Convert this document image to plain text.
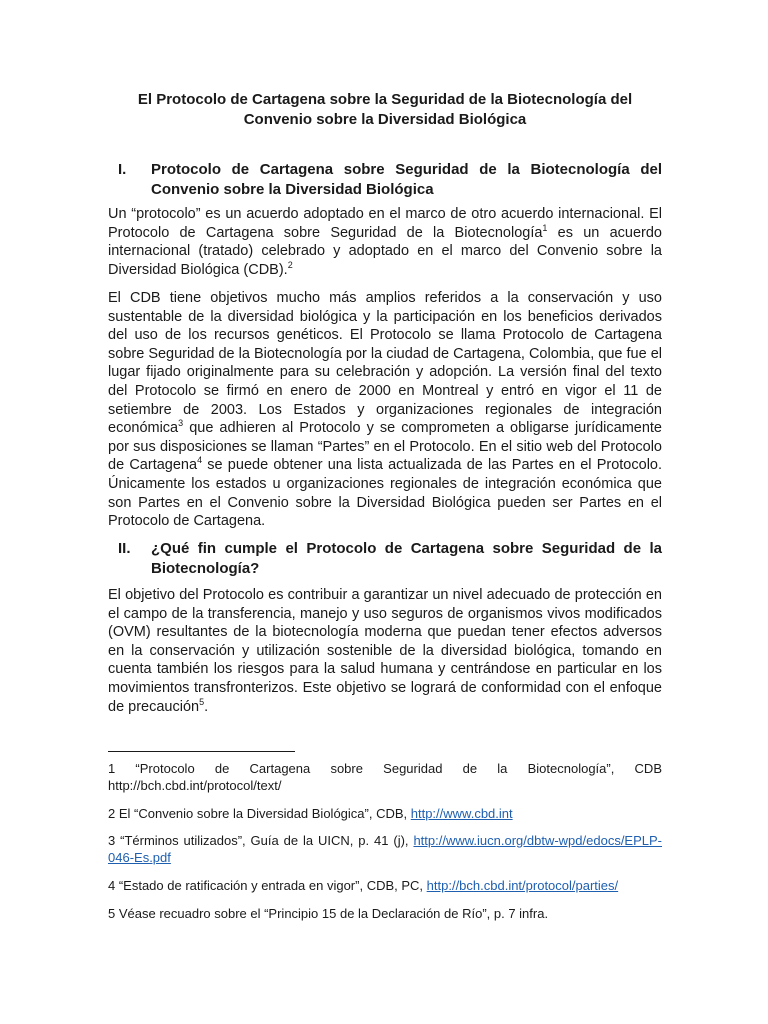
El Protocolo de Cartagena sobre la Seguridad de la Biotecnología del Convenio sobre la Diversidad Biológica
I. Protocolo de Cartagena sobre Seguridad de la Biotecnología del Convenio sobre la Diversidad Biológica

Un “protocolo” es un acuerdo adoptado en el marco de otro acuerdo internacional. El Protocolo de Cartagena sobre Seguridad de la Biotecnología$^1$ es un acuerdo internacional (tratado) celebrado y adoptado en el marco del Convenio sobre la Diversidad Biológica (CDB).$^2$

El CDB tiene objetivos mucho más amplios referidos a la conservación y uso sustentable de la diversidad biológica y la participación en los beneficios derivados del uso de los recursos genéticos. El Protocolo se llama Protocolo de Cartagena sobre Seguridad de la Biotecnología por la ciudad de Cartagena, Colombia, que fue el lugar fijado originalmente para su celebración y adopción. La versión final del texto del Protocolo se firmó en enero de 2000 en Montreal y entró en vigor el 11 de setiembre de 2003. Los Estados y organizaciones regionales de integración económica$^3$ que adhieren al Protocolo y se comprometen a obligarse jurídicamente por sus disposiciones se llaman “Partes” en el Protocolo. En el sitio web del Protocolo de Cartagena$^4$ se puede obtener una lista actualizada de las Partes en el Protocolo. Únicamente los estados u organizaciones regionales de integración económica que son Partes en el Convenio sobre la Diversidad Biológica pueden ser Partes en el Protocolo de Cartagena.

II. ¿Qué fin cumple el Protocolo de Cartagena sobre Seguridad de la Biotecnología?

El objetivo del Protocolo es contribuir a garantizar un nivel adecuado de protección en el campo de la transferencia, manejo y uso seguros de organismos vivos modificados (OVM) resultantes de la biotecnología moderna que puedan tener efectos adversos en la conservación y utilización sostenible de la diversidad biológica, tomando en cuenta también los riesgos para la salud humana y centrándose en particular en los movimientos transfronterizos. Este objetivo se logrará de conformidad con el enfoque de precaución$^5$.

1 “Protocolo de Cartagena sobre Seguridad de la Biotecnología”, CDB http://bch.cbd.int/protocol/text/

2 El “Convenio sobre la Diversidad Biológica”, CDB, http://www.cbd.int

3 “Términos utilizados”, Guía de la UICN, p. 41 (j), http://www.iucn.org/dbtw-wpd/edocs/EPLP-046-Es.pdf

4 “Estado de ratificación y entrada en vigor”, CDB, PC, http://bch.cbd.int/protocol/parties/

5 Véase recuadro sobre el “Principio 15 de la Declaración de Río”, p. 7 infra.
